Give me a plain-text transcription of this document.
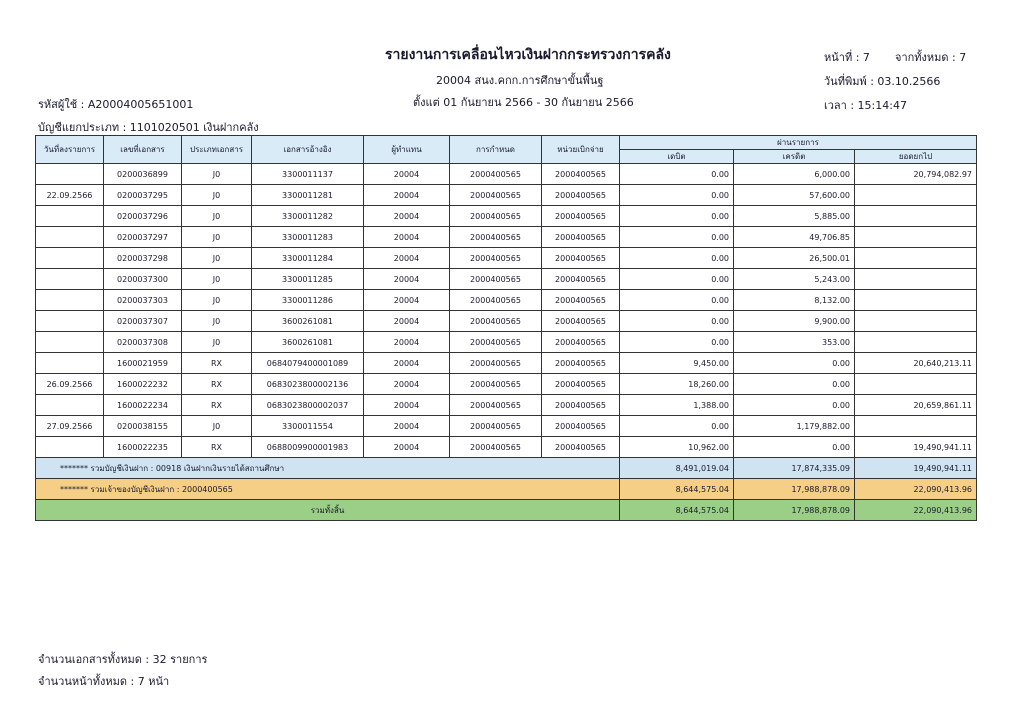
รายงานการเคลื่อนไหวเงินฝากกระทรวงการคลัง
20004 สนง.คกก.การศึกษาขั้นพื้นฐ
ตั้งแต่ 01 กันยายน 2566 - 30 กันยายน 2566
หน้าที่ : 7 จากทั้งหมด : 7
วันที่พิมพ์ : 03.10.2566
เวลา : 15:14:47
รหัสผู้ใช้ : A20004005651001
บัญชีแยกประเภท : 1101020501 เงินฝากคลัง
วันที่ลงรายการ	เลขที่เอกสาร	ประเภทเอกสาร	เอกสารอ้างอิง	ผู้ทำแทน	การกำหนด	หน่วยเบิกจ่าย	ผ่านรายการ		
							เดบิต	เครดิต	ยอดยกไป
	0200036899	J0	3300011137	20004	2000400565	2000400565	0.00	6,000.00	20,794,082.97
22.09.2566	0200037295	J0	3300011281	20004	2000400565	2000400565	0.00	57,600.00	
	0200037296	J0	3300011282	20004	2000400565	2000400565	0.00	5,885.00	
	0200037297	J0	3300011283	20004	2000400565	2000400565	0.00	49,706.85	
	0200037298	J0	3300011284	20004	2000400565	2000400565	0.00	26,500.01	
	0200037300	J0	3300011285	20004	2000400565	2000400565	0.00	5,243.00	
	0200037303	J0	3300011286	20004	2000400565	2000400565	0.00	8,132.00	
	0200037307	J0	3600261081	20004	2000400565	2000400565	0.00	9,900.00	
	0200037308	J0	3600261081	20004	2000400565	2000400565	0.00	353.00	
	1600021959	RX	0684079400001089	20004	2000400565	2000400565	9,450.00	0.00	20,640,213.11
26.09.2566	1600022232	RX	0683023800002136	20004	2000400565	2000400565	18,260.00	0.00	
	1600022234	RX	0683023800002037	20004	2000400565	2000400565	1,388.00	0.00	20,659,861.11
27.09.2566	0200038155	J0	3300011554	20004	2000400565	2000400565	0.00	1,179,882.00	
	1600022235	RX	0688009900001983	20004	2000400565	2000400565	10,962.00	0.00	19,490,941.11
******* รวมบัญชีเงินฝาก : 00918 เงินฝากเงินรายได้สถานศึกษา							8,491,019.04	17,874,335.09	19,490,941.11
******* รวมเจ้าของบัญชีเงินฝาก : 2000400565							8,644,575.04	17,988,878.09	22,090,413.96
รวมทั้งสิ้น							8,644,575.04	17,988,878.09	22,090,413.96
จำนวนเอกสารทั้งหมด : 32 รายการ
จำนวนหน้าทั้งหมด : 7 หน้า
